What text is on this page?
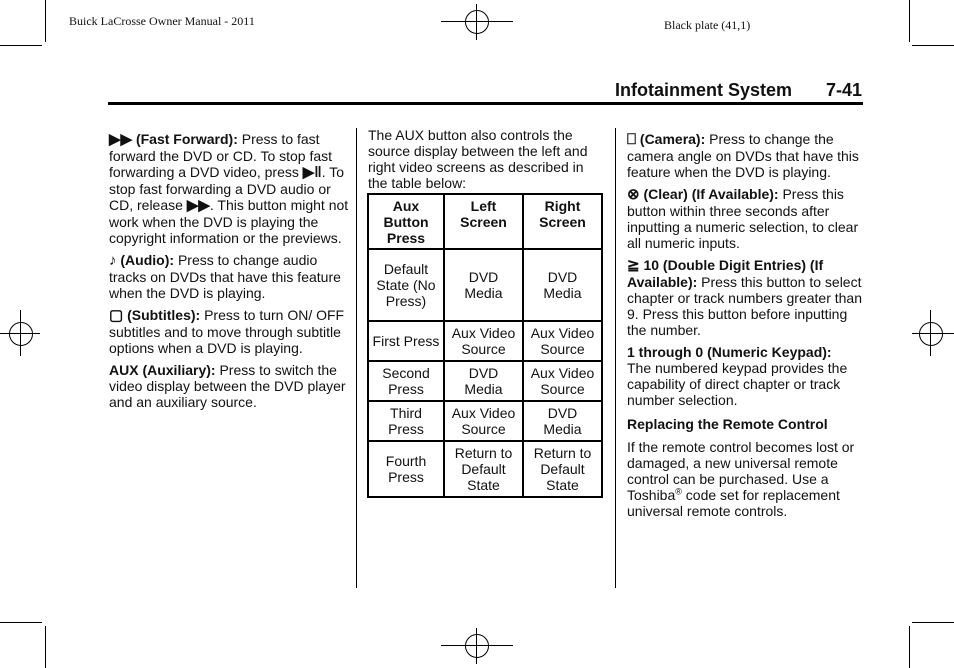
Buick LaCrosse Owner Manual - 2011	Black plate (41,1)
Infotainment System 7-41

▶▶ (Fast Forward): Press to fast forward the DVD or CD. To stop fast forwarding a DVD video, press ▶‖. To stop fast forwarding a DVD audio or CD, release ▶▶. This button might not work when the DVD is playing the copyright information or the previews.

♪ (Audio): Press to change audio tracks on DVDs that have this feature when the DVD is playing.

▢ (Subtitles): Press to turn ON/ OFF subtitles and to move through subtitle options when a DVD is playing.

AUX (Auxiliary): Press to switch the video display between the DVD player and an auxiliary source.

The AUX button also controls the source display between the left and right video screens as described in the table below:

Aux Button Press	Left Screen	Right Screen
Default State (No Press)	DVD Media	DVD Media
First Press	Aux Video Source	Aux Video Source
Second Press	DVD Media	Aux Video Source
Third Press	Aux Video Source	DVD Media
Fourth Press	Return to Default State	Return to Default State

⎕ (Camera): Press to change the camera angle on DVDs that have this feature when the DVD is playing.

⊗ (Clear) (If Available): Press this button within three seconds after inputting a numeric selection, to clear all numeric inputs.

≧ 10 (Double Digit Entries) (If Available): Press this button to select chapter or track numbers greater than 9. Press this button before inputting the number.

1 through 0 (Numeric Keypad):
The numbered keypad provides the capability of direct chapter or track number selection.

Replacing the Remote Control

If the remote control becomes lost or damaged, a new universal remote control can be purchased. Use a Toshiba® code set for replacement universal remote controls.
